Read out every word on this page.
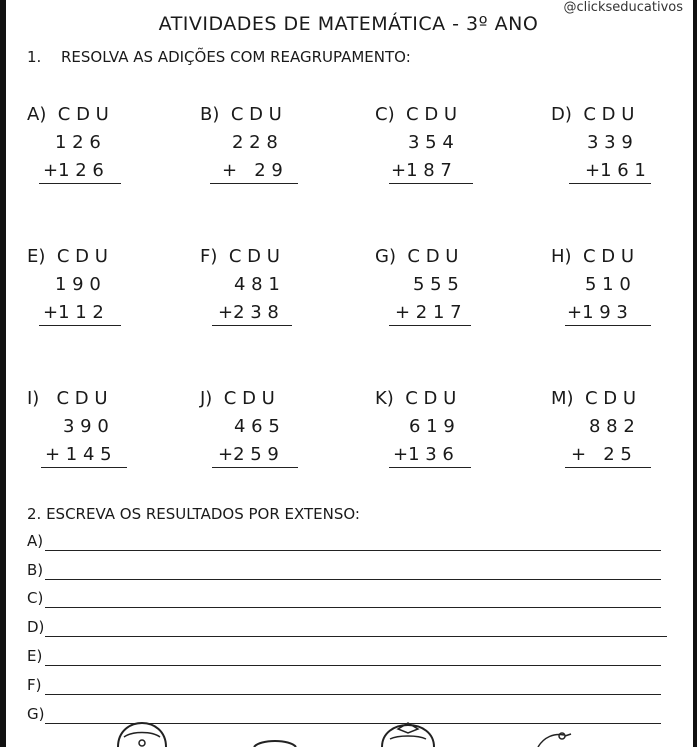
@clickseducativos
ATIVIDADES DE MATEMÁTICA - 3º ANO
1. RESOLVA AS ADIÇÕES COM REAGRUPAMENTO:
A)  C D U
1 2 6
+1 2 6
B)  C D U
2 2 8
+   2 9
C)  C D U
3 5 4
+1 8 7
D)  C D U
3 3 9
+1 6 1
E)  C D U
1 9 0
+1 1 2
F)  C D U
4 8 1
+2 3 8
G)  C D U
5 5 5
+ 2 1 7
H)  C D U
5 1 0
+1 9 3
I)   C D U
3 9 0
+ 1 4 5
J)  C D U
4 6 5
+2 5 9
K)  C D U
6 1 9
+1 3 6
M)  C D U
8 8 2
+   2 5
2. ESCREVA OS RESULTADOS POR EXTENSO:
A)
B)
C)
D)
E)
F)
G)
